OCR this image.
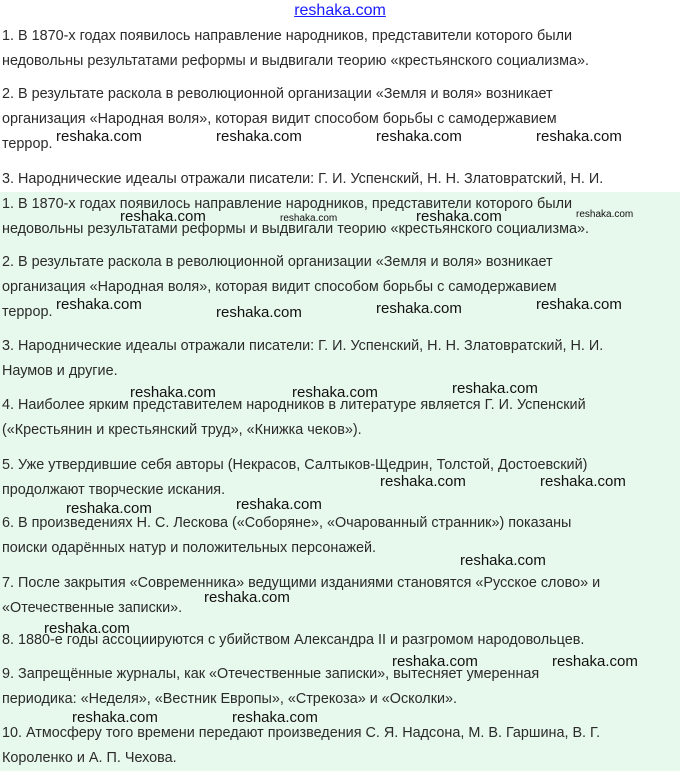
reshaka.com

1. В 1870-х годах появилось направление народников, представители которого были

недовольны результатами реформы и выдвигали теорию «крестьянского социализма».

2. В результате раскола в революционной организации «Земля и воля» возникает

организация «Народная воля», которая видит способом борьбы с самодержавием

террор.

3. Народнические идеалы отражали писатели: Г. И. Успенский, Н. Н. Златовратский, Н. И.

1. В 1870-х годах появилось направление народников, представители которого были

недовольны результатами реформы и выдвигали теорию «крестьянского социализма».

2. В результате раскола в революционной организации «Земля и воля» возникает

организация «Народная воля», которая видит способом борьбы с самодержавием

террор.

3. Народнические идеалы отражали писатели: Г. И. Успенский, Н. Н. Златовратский, Н. И.

Наумов и другие.

4. Наиболее ярким представителем народников в литературе является Г. И. Успенский

(«Крестьянин и крестьянский труд», «Книжка чеков»).

5. Уже утвердившие себя авторы (Некрасов, Салтыков-Щедрин, Толстой, Достоевский)

продолжают творческие искания.

6. В произведениях Н. С. Лескова («Соборяне», «Очарованный странник») показаны

поиски одарённых натур и положительных персонажей.

7. После закрытия «Современника» ведущими изданиями становятся «Русское слово» и

«Отечественные записки».

8. 1880-е годы ассоциируются с убийством Александра II и разгромом народовольцев.

9. Запрещённые журналы, как «Отечественные записки», вытесняет умеренная

периодика: «Неделя», «Вестник Европы», «Стрекоза» и «Осколки».

10. Атмосферу того времени передают произведения С. Я. Надсона, М. В. Гаршина, В. Г.

Короленко и А. П. Чехова.

reshaka.com	reshaka.com	reshaka.com	reshaka.com
reshaka.com	reshaka.com	reshaka.com	reshaka.com
reshaka.com	reshaka.com	reshaka.com	reshaka.com
reshaka.com	reshaka.com	reshaka.com
reshaka.com	reshaka.com
reshaka.com	reshaka.com
reshaka.com
reshaka.com
reshaka.com
reshaka.com	reshaka.com
reshaka.com	reshaka.com
